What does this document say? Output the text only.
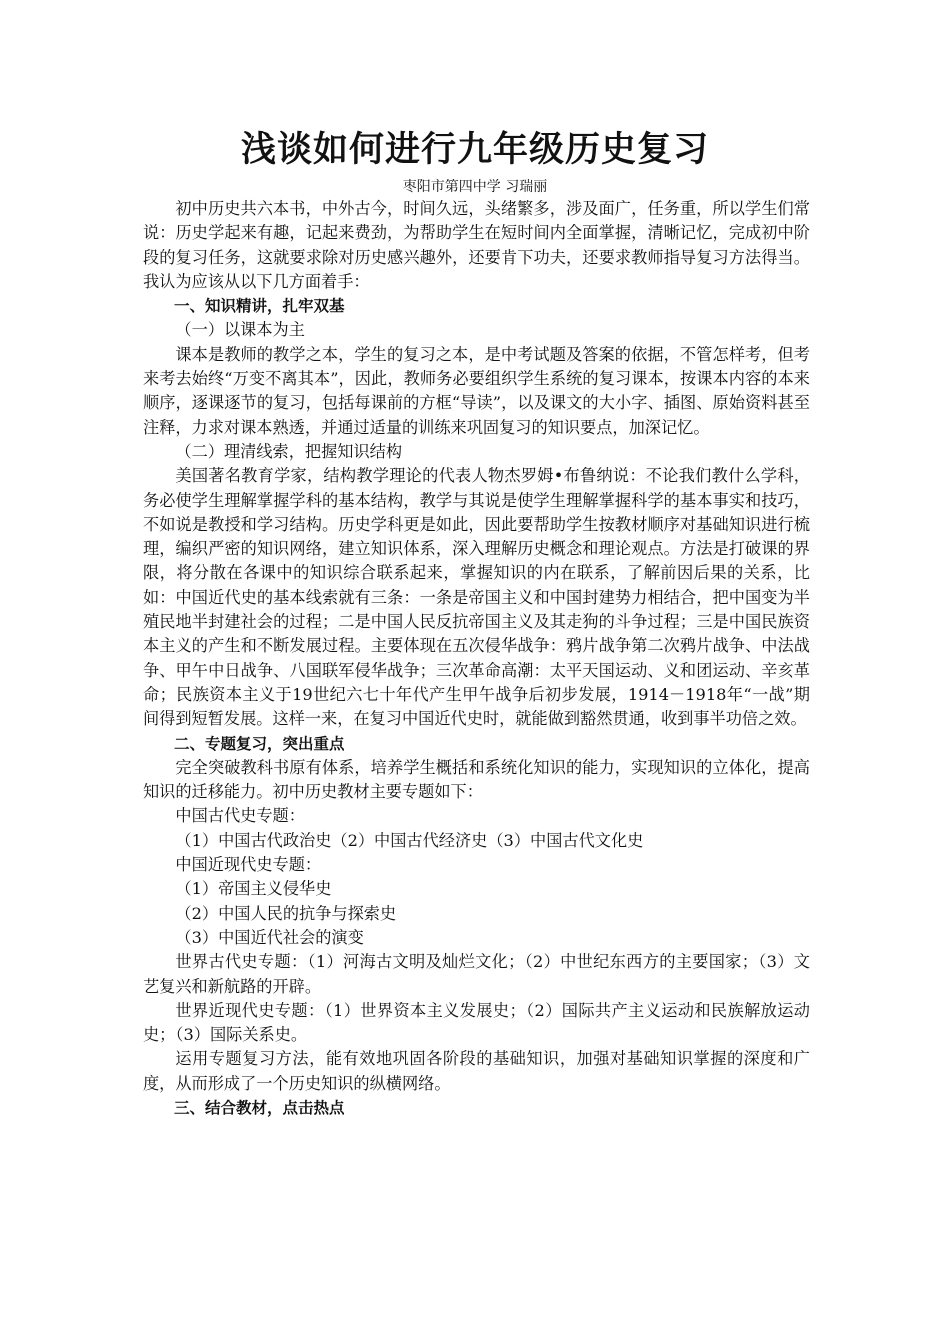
浅谈如何进行九年级历史复习
枣阳市第四中学 习瑞丽

初中历史共六本书，中外古今，时间久远，头绪繁多，涉及面广，任务重，所以学生们常说：历史学起来有趣，记起来费劲，为帮助学生在短时间内全面掌握，清晰记忆，完成初中阶段的复习任务，这就要求除对历史感兴趣外，还要肯下功夫，还要求教师指导复习方法得当。我认为应该从以下几方面着手：

一、知识精讲，扎牢双基

（一）以课本为主

课本是教师的教学之本，学生的复习之本，是中考试题及答案的依据，不管怎样考，但考来考去始终“万变不离其本”，因此，教师务必要组织学生系统的复习课本，按课本内容的本来顺序，逐课逐节的复习，包括每课前的方框“导读”，以及课文的大小字、插图、原始资料甚至注释，力求对课本熟透，并通过适量的训练来巩固复习的知识要点，加深记忆。

（二）理清线索，把握知识结构

美国著名教育学家，结构教学理论的代表人物杰罗姆•布鲁纳说：不论我们教什么学科，务必使学生理解掌握学科的基本结构，教学与其说是使学生理解掌握科学的基本事实和技巧，不如说是教授和学习结构。历史学科更是如此，因此要帮助学生按教材顺序对基础知识进行梳理，编织严密的知识网络，建立知识体系，深入理解历史概念和理论观点。方法是打破课的界限，将分散在各课中的知识综合联系起来，掌握知识的内在联系，了解前因后果的关系，比如：中国近代史的基本线索就有三条：一条是帝国主义和中国封建势力相结合，把中国变为半殖民地半封建社会的过程；二是中国人民反抗帝国主义及其走狗的斗争过程；三是中国民族资本主义的产生和不断发展过程。主要体现在五次侵华战争：鸦片战争第二次鸦片战争、中法战争、甲午中日战争、八国联军侵华战争；三次革命高潮：太平天国运动、义和团运动、辛亥革命；民族资本主义于19世纪六七十年代产生甲午战争后初步发展，1914－1918年“一战”期间得到短暂发展。这样一来，在复习中国近代史时，就能做到豁然贯通，收到事半功倍之效。

二、专题复习，突出重点

完全突破教科书原有体系，培养学生概括和系统化知识的能力，实现知识的立体化，提高知识的迁移能力。初中历史教材主要专题如下：

中国古代史专题：

（1）中国古代政治史（2）中国古代经济史（3）中国古代文化史

中国近现代史专题：

（1）帝国主义侵华史

（2）中国人民的抗争与探索史

（3）中国近代社会的演变

世界古代史专题：（1）河海古文明及灿烂文化；（2）中世纪东西方的主要国家；（3）文艺复兴和新航路的开辟。

世界近现代史专题：（1）世界资本主义发展史；（2）国际共产主义运动和民族解放运动史；（3）国际关系史。

运用专题复习方法，能有效地巩固各阶段的基础知识，加强对基础知识掌握的深度和广度，从而形成了一个历史知识的纵横网络。

三、结合教材，点击热点
